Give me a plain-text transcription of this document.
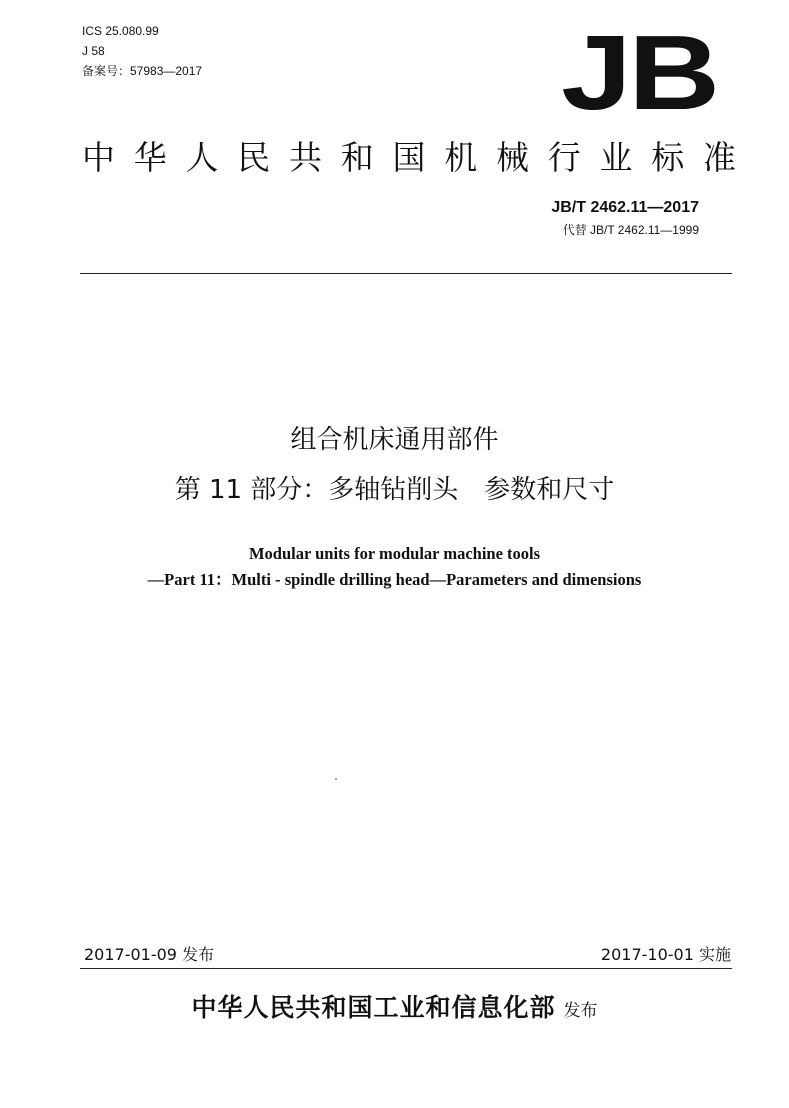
ICS 25.080.99
J 58
备案号：57983—2017	JB
中华人民共和国机械行业标准
JB/T 2462.11—2017
代替 JB/T 2462.11—1999
组合机床通用部件
第 11 部分：多轴钻削头　参数和尺寸
Modular units for modular machine tools
—Part 11：Multi - spindle drilling head—Parameters and dimensions
2017-01-09 发布	2017-10-01 实施
中华人民共和国工业和信息化部 发布
